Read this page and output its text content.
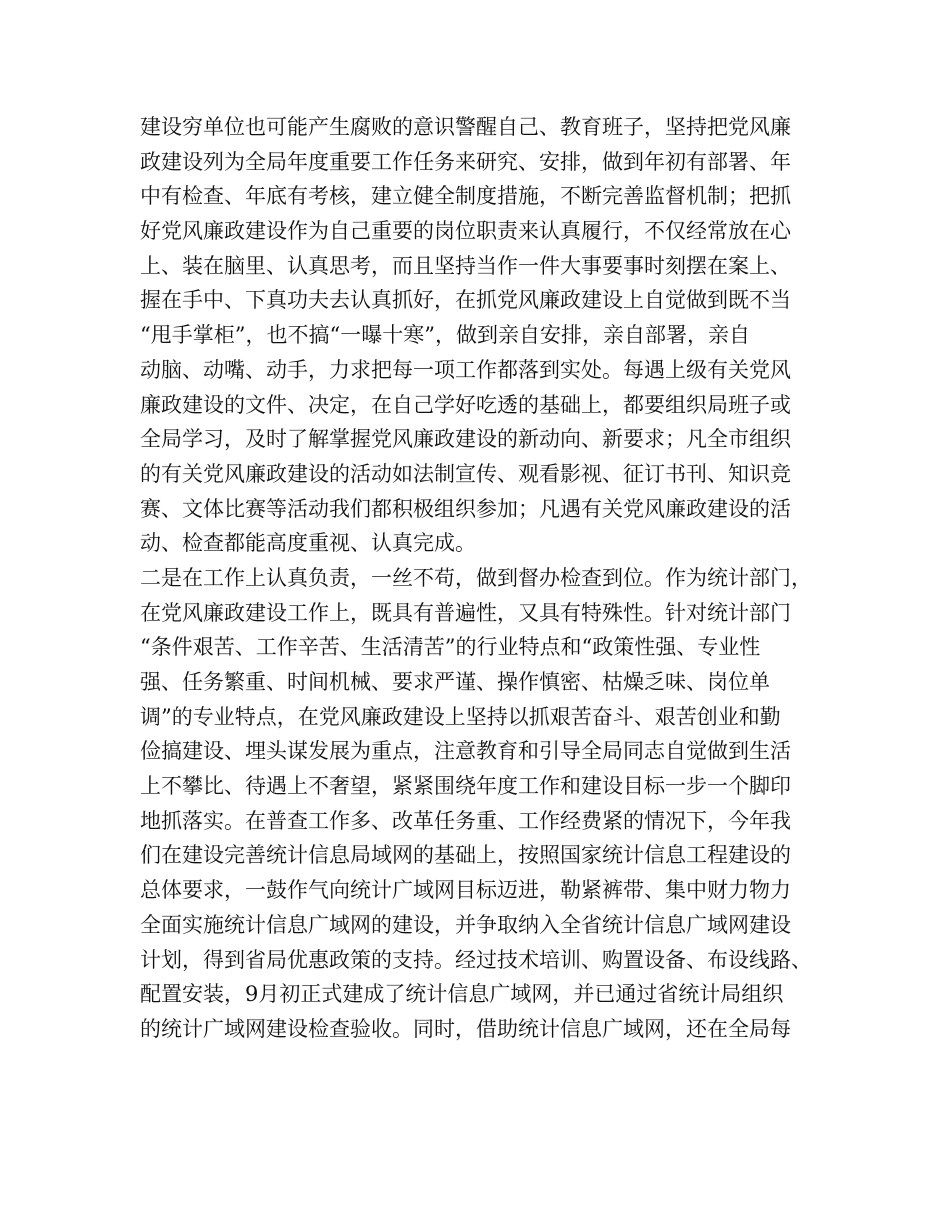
建设穷单位也可能产生腐败的意识警醒自己、教育班子，坚持把党风廉
政建设列为全局年度重要工作任务来研究、安排，做到年初有部署、年
中有检查、年底有考核，建立健全制度措施，不断完善监督机制；把抓
好党风廉政建设作为自己重要的岗位职责来认真履行，不仅经常放在心
上、装在脑里、认真思考，而且坚持当作一件大事要事时刻摆在案上、
握在手中、下真功夫去认真抓好，在抓党风廉政建设上自觉做到既不当
“甩手掌柜”，也不搞“一曝十寒”，做到亲自安排，亲自部署，亲自
动脑、动嘴、动手，力求把每一项工作都落到实处。每遇上级有关党风
廉政建设的文件、决定，在自己学好吃透的基础上，都要组织局班子或
全局学习，及时了解掌握党风廉政建设的新动向、新要求；凡全市组织
的有关党风廉政建设的活动如法制宣传、观看影视、征订书刊、知识竞
赛、文体比赛等活动我们都积极组织参加；凡遇有关党风廉政建设的活
动、检查都能高度重视、认真完成。
二是在工作上认真负责，一丝不苟，做到督办检查到位。作为统计部门，
在党风廉政建设工作上，既具有普遍性，又具有特殊性。针对统计部门
“条件艰苦、工作辛苦、生活清苦”的行业特点和“政策性强、专业性
强、任务繁重、时间机械、要求严谨、操作慎密、枯燥乏味、岗位单
调”的专业特点，在党风廉政建设上坚持以抓艰苦奋斗、艰苦创业和勤
俭搞建设、埋头谋发展为重点，注意教育和引导全局同志自觉做到生活
上不攀比、待遇上不奢望，紧紧围绕年度工作和建设目标一步一个脚印
地抓落实。在普查工作多、改革任务重、工作经费紧的情况下，今年我
们在建设完善统计信息局域网的基础上，按照国家统计信息工程建设的
总体要求，一鼓作气向统计广域网目标迈进，勒紧裤带、集中财力物力
全面实施统计信息广域网的建设，并争取纳入全省统计信息广域网建设
计划，得到省局优惠政策的支持。经过技术培训、购置设备、布设线路、
配置安装，9月初正式建成了统计信息广域网，并已通过省统计局组织
的统计广域网建设检查验收。同时，借助统计信息广域网，还在全局每
